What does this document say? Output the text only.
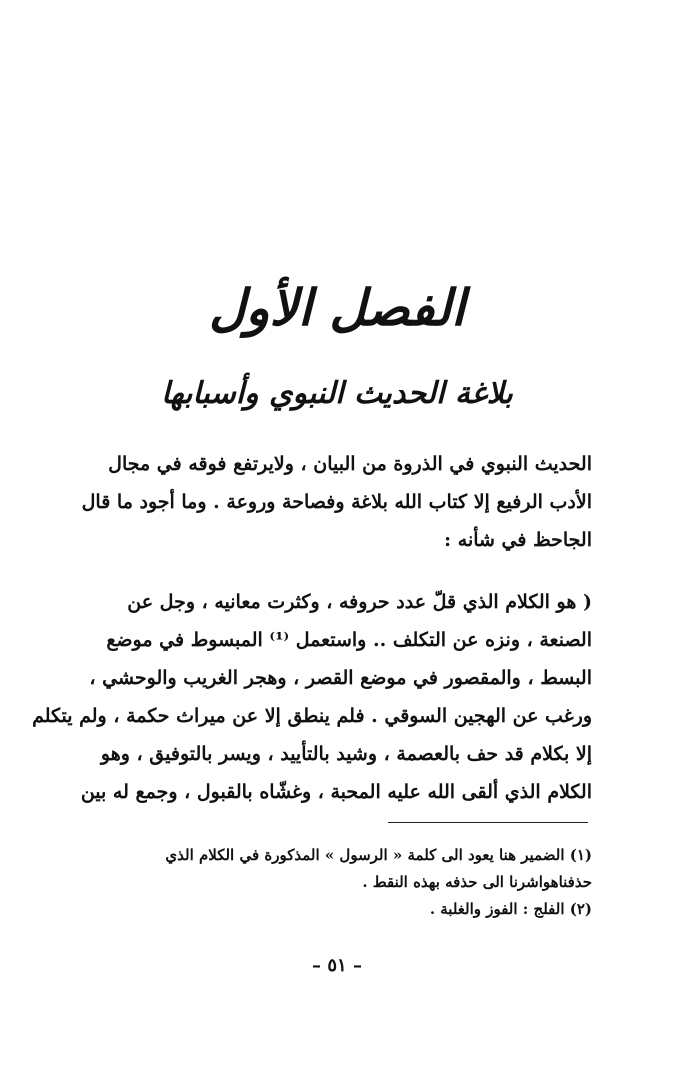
الفصل الأول
بلاغة الحديث النبوي وأسبابها

الحديث النبوي في الذروة من البيان ، ولايرتفع فوقه في مجال
الأدب الرفيع إلا كتاب الله بلاغة وفصاحة وروعة . وما أجود ما قال
الجاحظ في شأنه :

( هو الكلام الذي قلّ عدد حروفه ، وكثرت معانيه ، وجل عن
الصنعة ، ونزه عن التكلف .. واستعمل ⁽¹⁾ المبسوط في موضع
البسط ، والمقصور في موضع القصر ، وهجر الغريب والوحشي ،
ورغب عن الهجين السوقي . فلم ينطق إلا عن ميراث حكمة ، ولم يتكلم
إلا بكلام قد حف بالعصمة ، وشيد بالتأييد ، ويسر بالتوفيق ، وهو
الكلام الذي ألقى الله عليه المحبة ، وغشّاه بالقبول ، وجمع له بين

(١) الضمير هنا يعود الى كلمة « الرسول » المذكورة في الكلام الذي
حذفناهواشرنا الى حذفه بهذه النقط .
(٢) الفلج : الفوز والغلبة .
– ٥١ –
